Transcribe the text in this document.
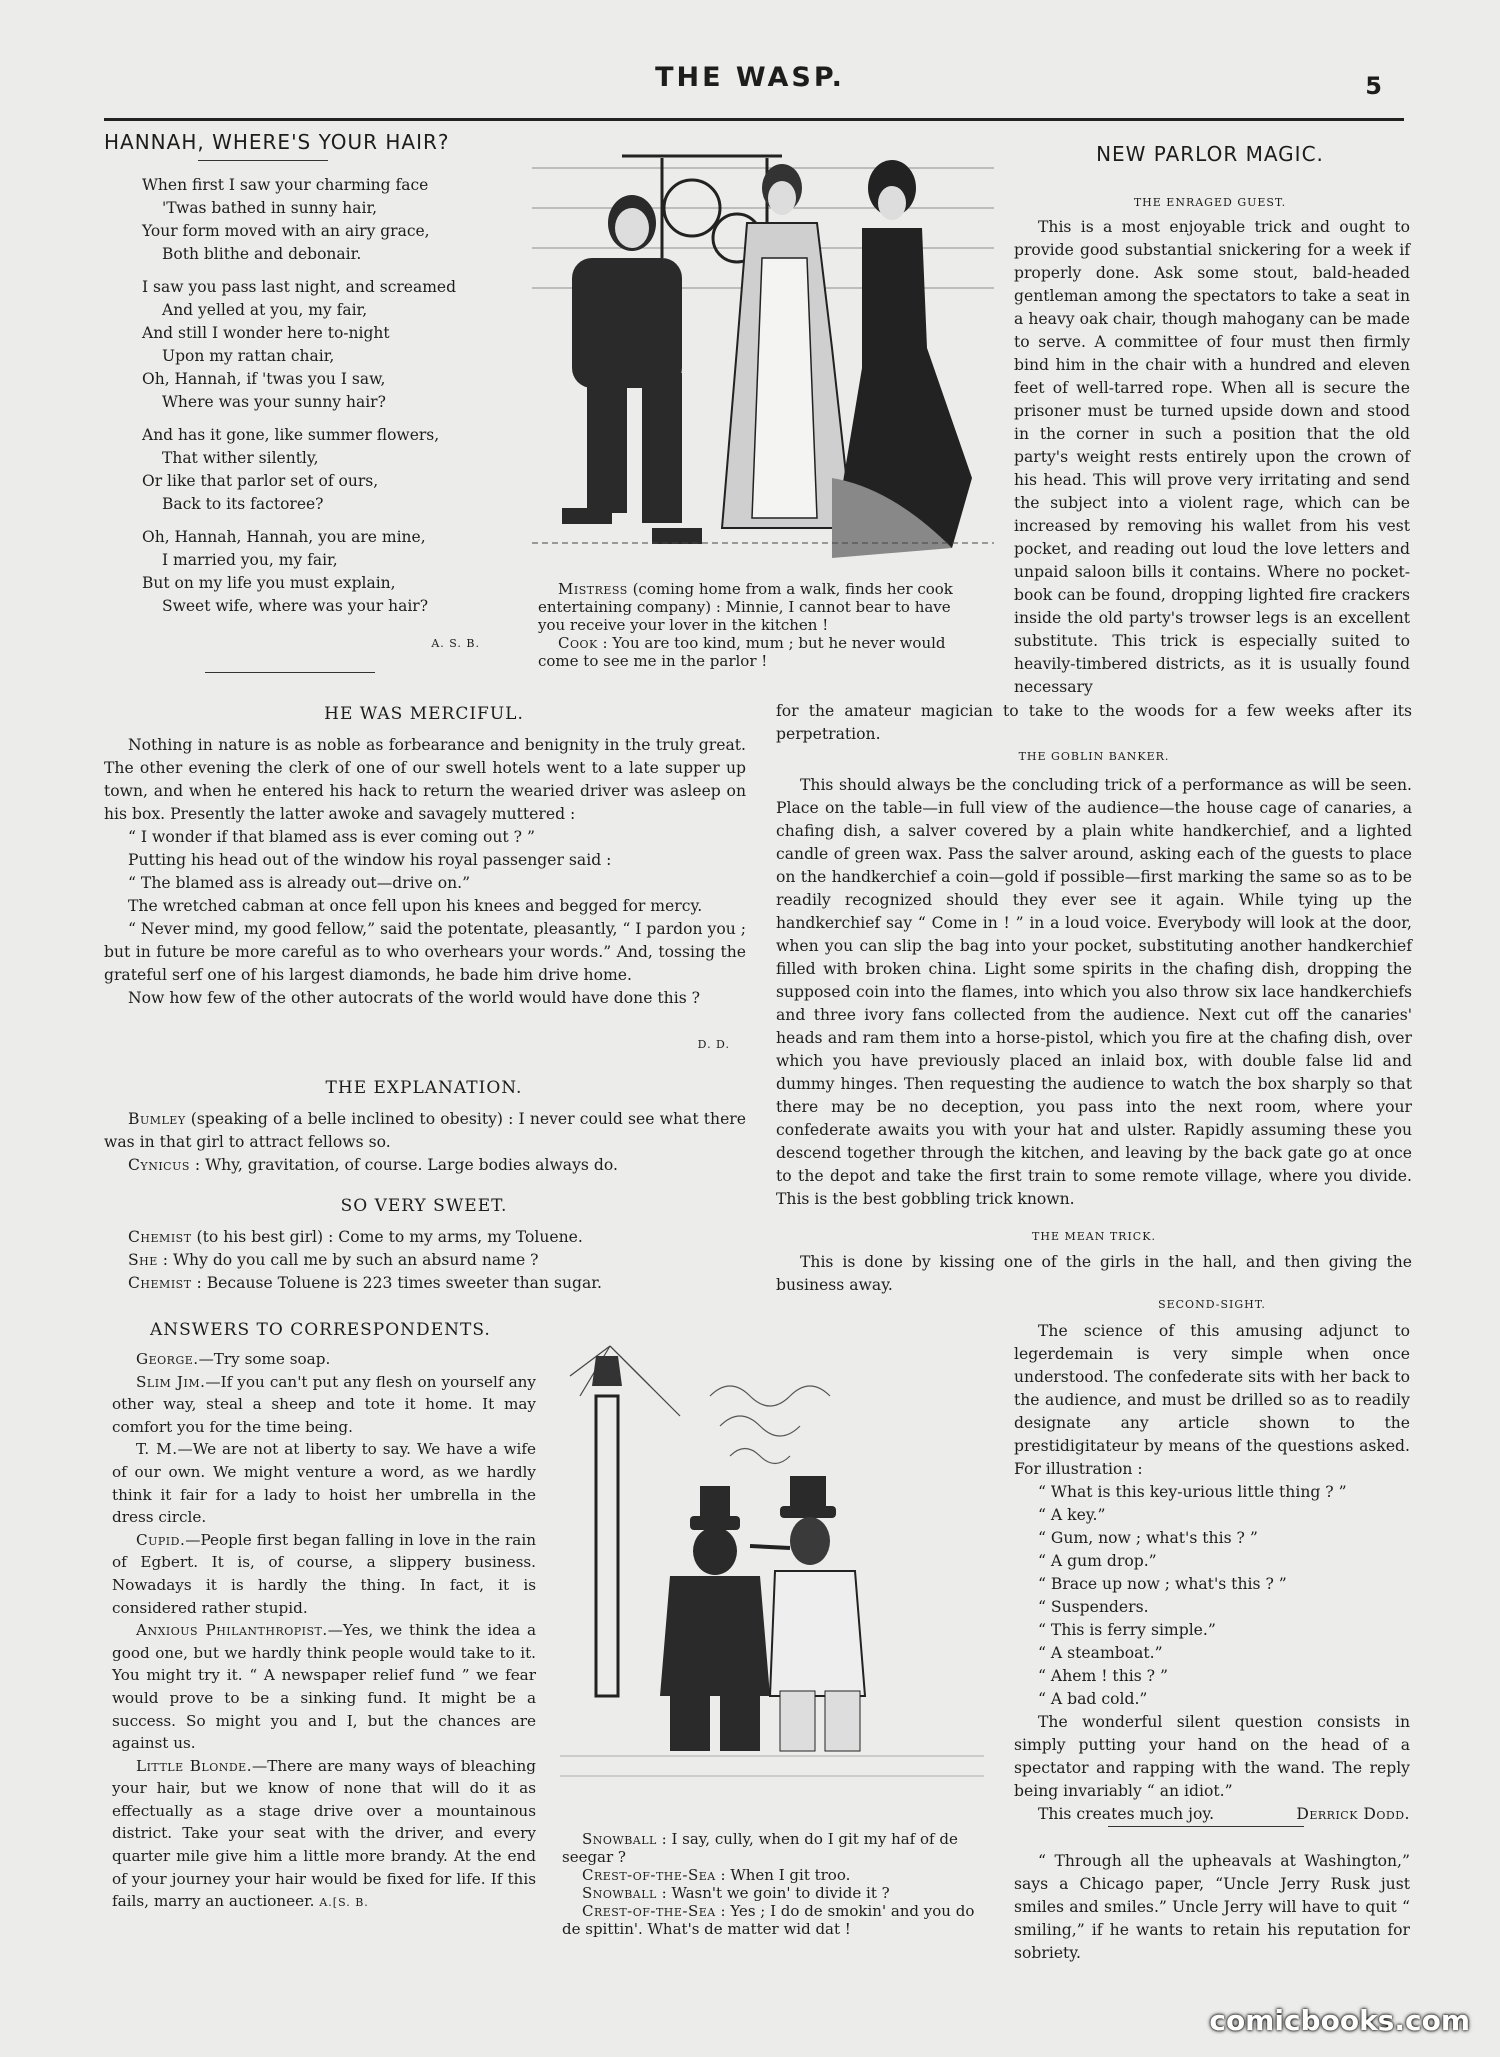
THE WASP.	5
HANNAH, WHERE'S YOUR HAIR?

When first I saw your charming face

'Twas bathed in sunny hair,

Your form moved with an airy grace,

Both blithe and debonair.

I saw you pass last night, and screamed

And yelled at you, my fair,

And still I wonder here to-night

Upon my rattan chair,

Oh, Hannah, if 'twas you I saw,

Where was your sunny hair?

And has it gone, like summer flowers,

That wither silently,

Or like that parlor set of ours,

Back to its factoree?

Oh, Hannah, Hannah, you are mine,

I married you, my fair,

But on my life you must explain,

Sweet wife, where was your hair?

A. S. B.

Mistress (coming home from a walk, finds her cook entertaining company) : Minnie, I cannot bear to have you receive your lover in the kitchen !

Cook : You are too kind, mum ; but he never would come to see me in the parlor !

NEW PARLOR MAGIC.
THE ENRAGED GUEST.

This is a most enjoyable trick and ought to provide good substantial snickering for a week if properly done. Ask some stout, bald-headed gentleman among the spectators to take a seat in a heavy oak chair, though mahogany can be made to serve. A committee of four must then firmly bind him in the chair with a hundred and eleven feet of well-tarred rope. When all is secure the prisoner must be turned upside down and stood in the corner in such a position that the old party's weight rests entirely upon the crown of his head. This will prove very irritating and send the subject into a violent rage, which can be increased by removing his wallet from his vest pocket, and reading out loud the love letters and unpaid saloon bills it contains. Where no pocket-book can be found, dropping lighted fire crackers inside the old party's trowser legs is an excellent substitute. This trick is especially suited to heavily-timbered districts, as it is usually found necessary

HE WAS MERCIFUL.

Nothing in nature is as noble as forbearance and benignity in the truly great. The other evening the clerk of one of our swell hotels went to a late supper up town, and when he entered his hack to return the wearied driver was asleep on his box. Presently the latter awoke and savagely muttered :

“ I wonder if that blamed ass is ever coming out ? ”

Putting his head out of the window his royal passenger said :

“ The blamed ass is already out—drive on.”

The wretched cabman at once fell upon his knees and begged for mercy.

“ Never mind, my good fellow,” said the potentate, pleasantly, “ I pardon you ; but in future be more careful as to who overhears your words.” And, tossing the grateful serf one of his largest diamonds, he bade him drive home.

Now how few of the other autocrats of the world would have done this ?

D. D.

for the amateur magician to take to the woods for a few weeks after its perpetration.

THE GOBLIN BANKER.

This should always be the concluding trick of a performance as will be seen. Place on the table—in full view of the audience—the house cage of canaries, a chafing dish, a salver covered by a plain white handkerchief, and a lighted candle of green wax. Pass the salver around, asking each of the guests to place on the handkerchief a coin—gold if possible—first marking the same so as to be readily recognized should they ever see it again. While tying up the handkerchief say “ Come in ! ” in a loud voice. Everybody will look at the door, when you can slip the bag into your pocket, substituting another handkerchief filled with broken china. Light some spirits in the chafing dish, dropping the supposed coin into the flames, into which you also throw six lace handkerchiefs and three ivory fans collected from the audience. Next cut off the canaries' heads and ram them into a horse-pistol, which you fire at the chafing dish, over which you have previously placed an inlaid box, with double false lid and dummy hinges. Then requesting the audience to watch the box sharply so that there may be no deception, you pass into the next room, where your confederate awaits you with your hat and ulster. Rapidly assuming these you descend together through the kitchen, and leaving by the back gate go at once to the depot and take the first train to some remote village, where you divide. This is the best gobbling trick known.

THE MEAN TRICK.

This is done by kissing one of the girls in the hall, and then giving the business away.

THE EXPLANATION.

Bumley (speaking of a belle inclined to obesity) : I never could see what there was in that girl to attract fellows so.

Cynicus : Why, gravitation, of course. Large bodies always do.

SO VERY SWEET.

Chemist (to his best girl) : Come to my arms, my Toluene.

She : Why do you call me by such an absurd name ?

Chemist : Because Toluene is 223 times sweeter than sugar.

ANSWERS TO CORRESPONDENTS.

George.—Try some soap.

Slim Jim.—If you can't put any flesh on yourself any other way, steal a sheep and tote it home. It may comfort you for the time being.

T. M.—We are not at liberty to say. We have a wife of our own. We might venture a word, as we hardly think it fair for a lady to hoist her umbrella in the dress circle.

Cupid.—People first began falling in love in the rain of Egbert. It is, of course, a slippery business. Nowadays it is hardly the thing. In fact, it is considered rather stupid.

Anxious Philanthropist.—Yes, we think the idea a good one, but we hardly think people would take to it. You might try it. “ A newspaper relief fund ” we fear would prove to be a sinking fund. It might be a success. So might you and I, but the chances are against us.

Little Blonde.—There are many ways of bleaching your hair, but we know of none that will do it as effectually as a stage drive over a mountainous district. Take your seat with the driver, and every quarter mile give him a little more brandy. At the end of your journey your hair would be fixed for life. If this fails, marry an auctioneer. A.[S. B.

Snowball : I say, cully, when do I git my haf of de seegar ?

Crest-of-the-Sea : When I git troo.

Snowball : Wasn't we goin' to divide it ?

Crest-of-the-Sea : Yes ; I do de smokin' and you do de spittin'. What's de matter wid dat !

SECOND-SIGHT.

The science of this amusing adjunct to legerdemain is very simple when once understood. The confederate sits with her back to the audience, and must be drilled so as to readily designate any article shown to the prestidigitateur by means of the questions asked. For illustration :

“ What is this key-urious little thing ? ”

“ A key.”

“ Gum, now ; what's this ? ”

“ A gum drop.”

“ Brace up now ; what's this ? ”

“ Suspenders.

“ This is ferry simple.”

“ A steamboat.”

“ Ahem ! this ? ”

“ A bad cold.”

The wonderful silent question consists in simply putting your hand on the head of a spectator and rapping with the wand. The reply being invariably “ an idiot.”

This creates much joy.	Derrick Dodd.

“ Through all the upheavals at Washington,” says a Chicago paper, “Uncle Jerry Rusk just smiles and smiles.” Uncle Jerry will have to quit “ smiling,” if he wants to retain his reputation for sobriety.

comicbooks.com
